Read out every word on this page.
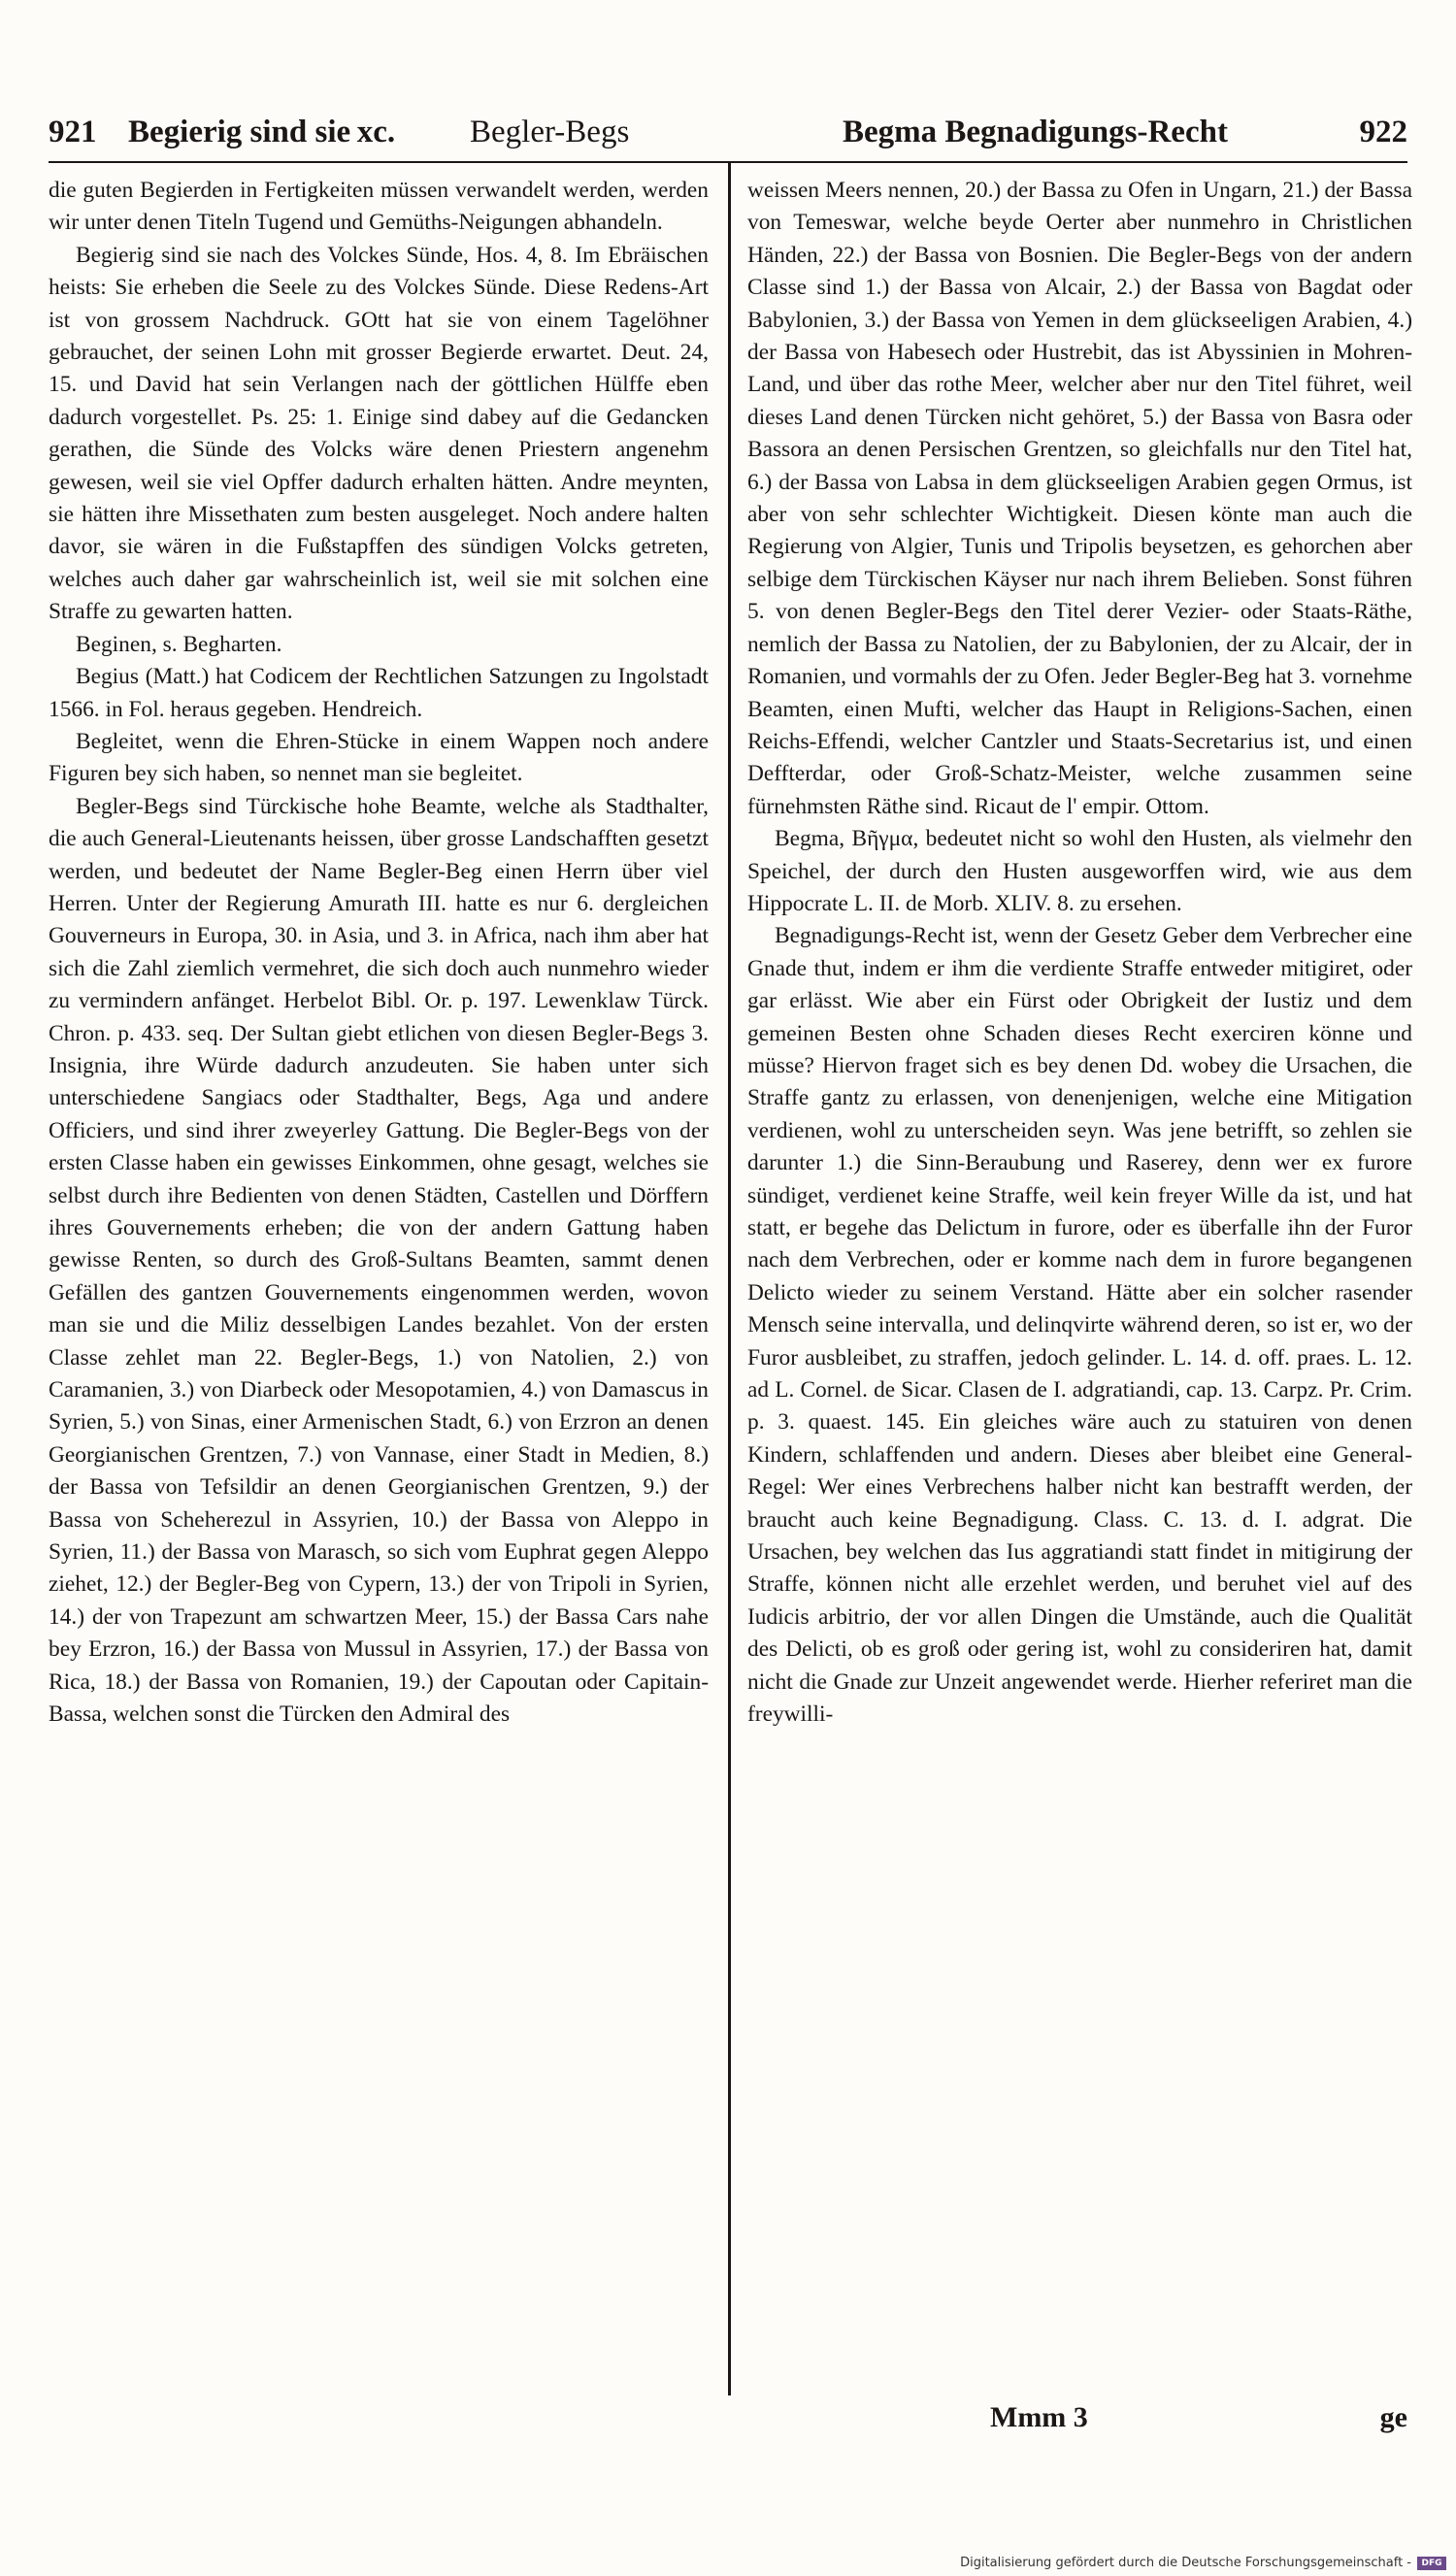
921 Begierig sind sie xc. Begler-Begs	Begma Begnadigungs-Recht	922

die guten Begierden in Fertigkeiten müssen verwandelt werden, werden wir unter denen Titeln Tugend und Gemüths-Neigungen abhandeln.

Begierig sind sie nach des Volckes Sünde, Hos. 4, 8. Im Ebräischen heists: Sie erheben die Seele zu des Volckes Sünde. Diese Redens-Art ist von grossem Nachdruck. GOtt hat sie von einem Tagelöhner gebrauchet, der seinen Lohn mit grosser Begierde erwartet. Deut. 24, 15. und David hat sein Verlangen nach der göttlichen Hülffe eben dadurch vorgestellet. Ps. 25: 1. Einige sind dabey auf die Gedancken gerathen, die Sünde des Volcks wäre denen Priestern angenehm gewesen, weil sie viel Opffer dadurch erhalten hätten. Andre meynten, sie hätten ihre Missethaten zum besten ausgeleget. Noch andere halten davor, sie wären in die Fußstapffen des sündigen Volcks getreten, welches auch daher gar wahrscheinlich ist, weil sie mit solchen eine Straffe zu gewarten hatten.

Beginen, s. Begharten.

Begius (Matt.) hat Codicem der Rechtlichen Satzungen zu Ingolstadt 1566. in Fol. heraus gegeben. Hendreich.

Begleitet, wenn die Ehren-Stücke in einem Wappen noch andere Figuren bey sich haben, so nennet man sie begleitet.

Begler-Begs sind Türckische hohe Beamte, welche als Stadthalter, die auch General-Lieutenants heissen, über grosse Landschafften gesetzt werden, und bedeutet der Name Begler-Beg einen Herrn über viel Herren. Unter der Regierung Amurath III. hatte es nur 6. dergleichen Gouverneurs in Europa, 30. in Asia, und 3. in Africa, nach ihm aber hat sich die Zahl ziemlich vermehret, die sich doch auch nunmehro wieder zu vermindern anfänget. Herbelot Bibl. Or. p. 197. Lewenklaw Türck. Chron. p. 433. seq. Der Sultan giebt etlichen von diesen Begler-Begs 3. Insignia, ihre Würde dadurch anzudeuten. Sie haben unter sich unterschiedene Sangiacs oder Stadthalter, Begs, Aga und andere Officiers, und sind ihrer zweyerley Gattung. Die Begler-Begs von der ersten Classe haben ein gewisses Einkommen, ohne gesagt, welches sie selbst durch ihre Bedienten von denen Städten, Castellen und Dörffern ihres Gouvernements erheben; die von der andern Gattung haben gewisse Renten, so durch des Groß-Sultans Beamten, sammt denen Gefällen des gantzen Gouvernements eingenommen werden, wovon man sie und die Miliz desselbigen Landes bezahlet. Von der ersten Classe zehlet man 22. Begler-Begs, 1.) von Natolien, 2.) von Caramanien, 3.) von Diarbeck oder Mesopotamien, 4.) von Damascus in Syrien, 5.) von Sinas, einer Armenischen Stadt, 6.) von Erzron an denen Georgianischen Grentzen, 7.) von Vannase, einer Stadt in Medien, 8.) der Bassa von Tefsildir an denen Georgianischen Grentzen, 9.) der Bassa von Scheherezul in Assyrien, 10.) der Bassa von Aleppo in Syrien, 11.) der Bassa von Marasch, so sich vom Euphrat gegen Aleppo ziehet, 12.) der Begler-Beg von Cypern, 13.) der von Tripoli in Syrien, 14.) der von Trapezunt am schwartzen Meer, 15.) der Bassa Cars nahe bey Erzron, 16.) der Bassa von Mussul in Assyrien, 17.) der Bassa von Rica, 18.) der Bassa von Romanien, 19.) der Capoutan oder Capitain-Bassa, welchen sonst die Türcken den Admiral des

weissen Meers nennen, 20.) der Bassa zu Ofen in Ungarn, 21.) der Bassa von Temeswar, welche beyde Oerter aber nunmehro in Christlichen Händen, 22.) der Bassa von Bosnien. Die Begler-Begs von der andern Classe sind 1.) der Bassa von Alcair, 2.) der Bassa von Bagdat oder Babylonien, 3.) der Bassa von Yemen in dem glückseeligen Arabien, 4.) der Bassa von Habesech oder Hustrebit, das ist Abyssinien in Mohren-Land, und über das rothe Meer, welcher aber nur den Titel führet, weil dieses Land denen Türcken nicht gehöret, 5.) der Bassa von Basra oder Bassora an denen Persischen Grentzen, so gleichfalls nur den Titel hat, 6.) der Bassa von Labsa in dem glückseeligen Arabien gegen Ormus, ist aber von sehr schlechter Wichtigkeit. Diesen könte man auch die Regierung von Algier, Tunis und Tripolis beysetzen, es gehorchen aber selbige dem Türckischen Käyser nur nach ihrem Belieben. Sonst führen 5. von denen Begler-Begs den Titel derer Vezier- oder Staats-Räthe, nemlich der Bassa zu Natolien, der zu Babylonien, der zu Alcair, der in Romanien, und vormahls der zu Ofen. Jeder Begler-Beg hat 3. vornehme Beamten, einen Mufti, welcher das Haupt in Religions-Sachen, einen Reichs-Effendi, welcher Cantzler und Staats-Secretarius ist, und einen Deffterdar, oder Groß-Schatz-Meister, welche zusammen seine fürnehmsten Räthe sind. Ricaut de l' empir. Ottom.

Begma, Βῆγμα, bedeutet nicht so wohl den Husten, als vielmehr den Speichel, der durch den Husten ausgeworffen wird, wie aus dem Hippocrate L. II. de Morb. XLIV. 8. zu ersehen.

Begnadigungs-Recht ist, wenn der Gesetz Geber dem Verbrecher eine Gnade thut, indem er ihm die verdiente Straffe entweder mitigiret, oder gar erlässt. Wie aber ein Fürst oder Obrigkeit der Iustiz und dem gemeinen Besten ohne Schaden dieses Recht exerciren könne und müsse? Hiervon fraget sich es bey denen Dd. wobey die Ursachen, die Straffe gantz zu erlassen, von denenjenigen, welche eine Mitigation verdienen, wohl zu unterscheiden seyn. Was jene betrifft, so zehlen sie darunter 1.) die Sinn-Beraubung und Raserey, denn wer ex furore sündiget, verdienet keine Straffe, weil kein freyer Wille da ist, und hat statt, er begehe das Delictum in furore, oder es überfalle ihn der Furor nach dem Verbrechen, oder er komme nach dem in furore begangenen Delicto wieder zu seinem Verstand. Hätte aber ein solcher rasender Mensch seine intervalla, und delinqvirte während deren, so ist er, wo der Furor ausbleibet, zu straffen, jedoch gelinder. L. 14. d. off. praes. L. 12. ad L. Cornel. de Sicar. Clasen de I. adgratiandi, cap. 13. Carpz. Pr. Crim. p. 3. quaest. 145. Ein gleiches wäre auch zu statuiren von denen Kindern, schlaffenden und andern. Dieses aber bleibet eine General-Regel: Wer eines Verbrechens halber nicht kan bestrafft werden, der braucht auch keine Begnadigung. Class. C. 13. d. I. adgrat. Die Ursachen, bey welchen das Ius aggratiandi statt findet in mitigirung der Straffe, können nicht alle erzehlet werden, und beruhet viel auf des Iudicis arbitrio, der vor allen Dingen die Umstände, auch die Qualität des Delicti, ob es groß oder gering ist, wohl zu consideriren hat, damit nicht die Gnade zur Unzeit angewendet werde. Hierher referiret man die freywilli-

Mmm 3	ge
Digitalisierung gefördert durch die Deutsche Forschungsgemeinschaft -	DFG
